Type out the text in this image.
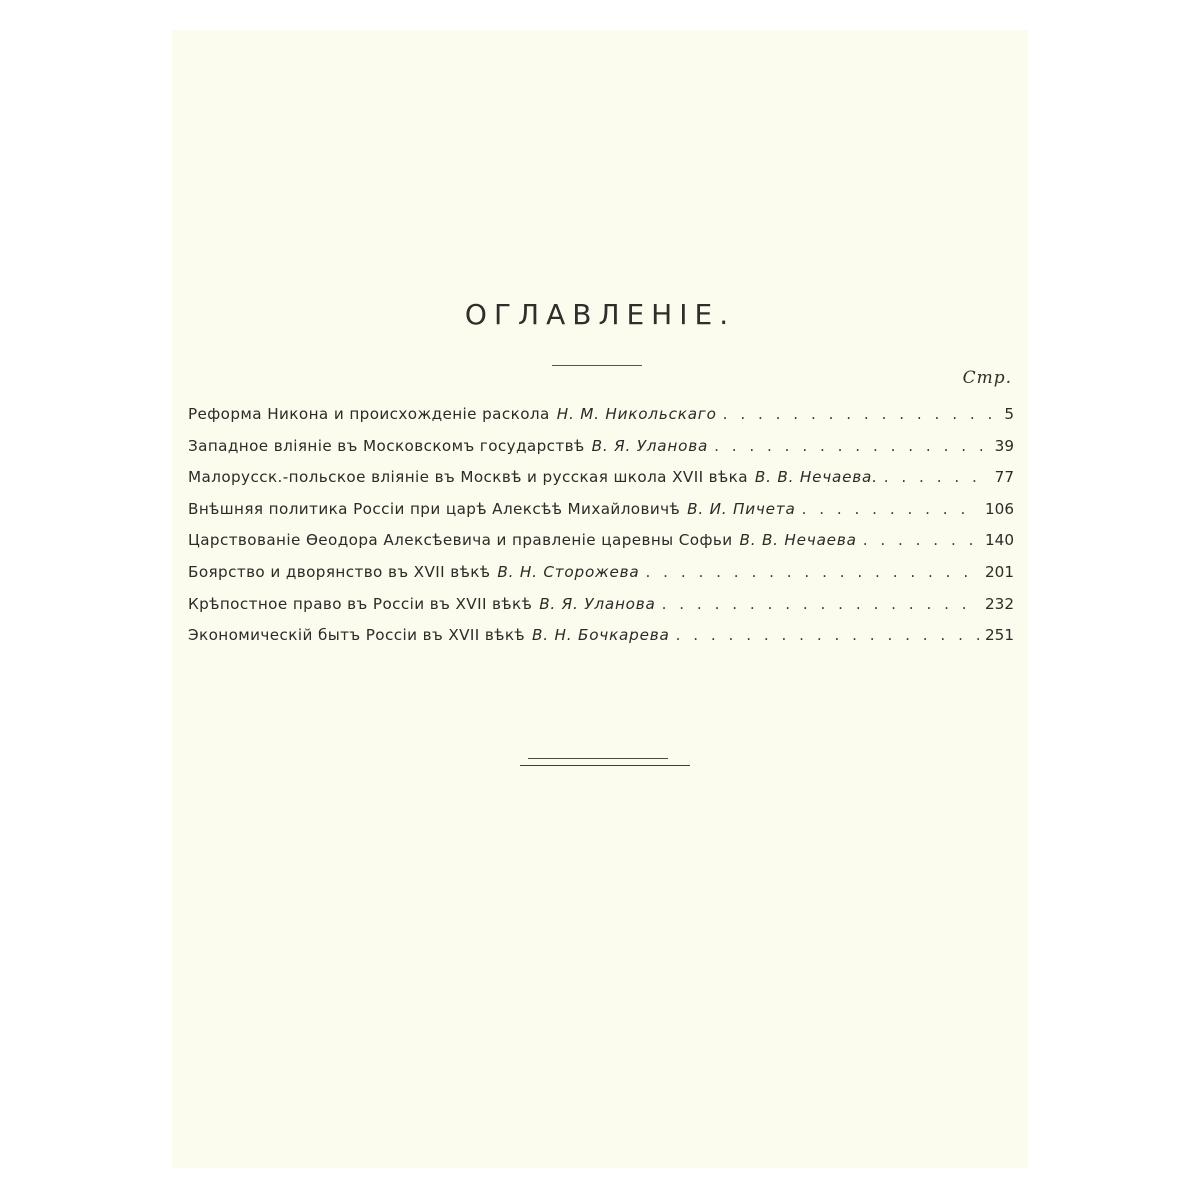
ОГЛАВЛЕНIЕ.
Стр.
Реформа Никона и происхожденіе раскола Н. М. Никольскаго . . .	5
Западное вліяніе въ Московскомъ государствѣ В. Я. Уланова . . .	39
Малорусск.-польское вліяніе въ Москвѣ и русская школа XVII вѣка В. В. Нечаева. . . .	77
Внѣшняя политика Россіи при царѣ Алексѣѣ Михайловичѣ В. И. Пичета . . .	106
Царствованіе Ѳеодора Алексѣевича и правленіе царевны Софьи В. В. Нечаева . . .	140
Боярство и дворянство въ XVII вѣкѣ В. Н. Сторожева . . .	201
Крѣпостное право въ Россіи въ XVII вѣкѣ В. Я. Уланова . . .	232
Экономическій бытъ Россіи въ XVII вѣкѣ В. Н. Бочкарева . . .	251
